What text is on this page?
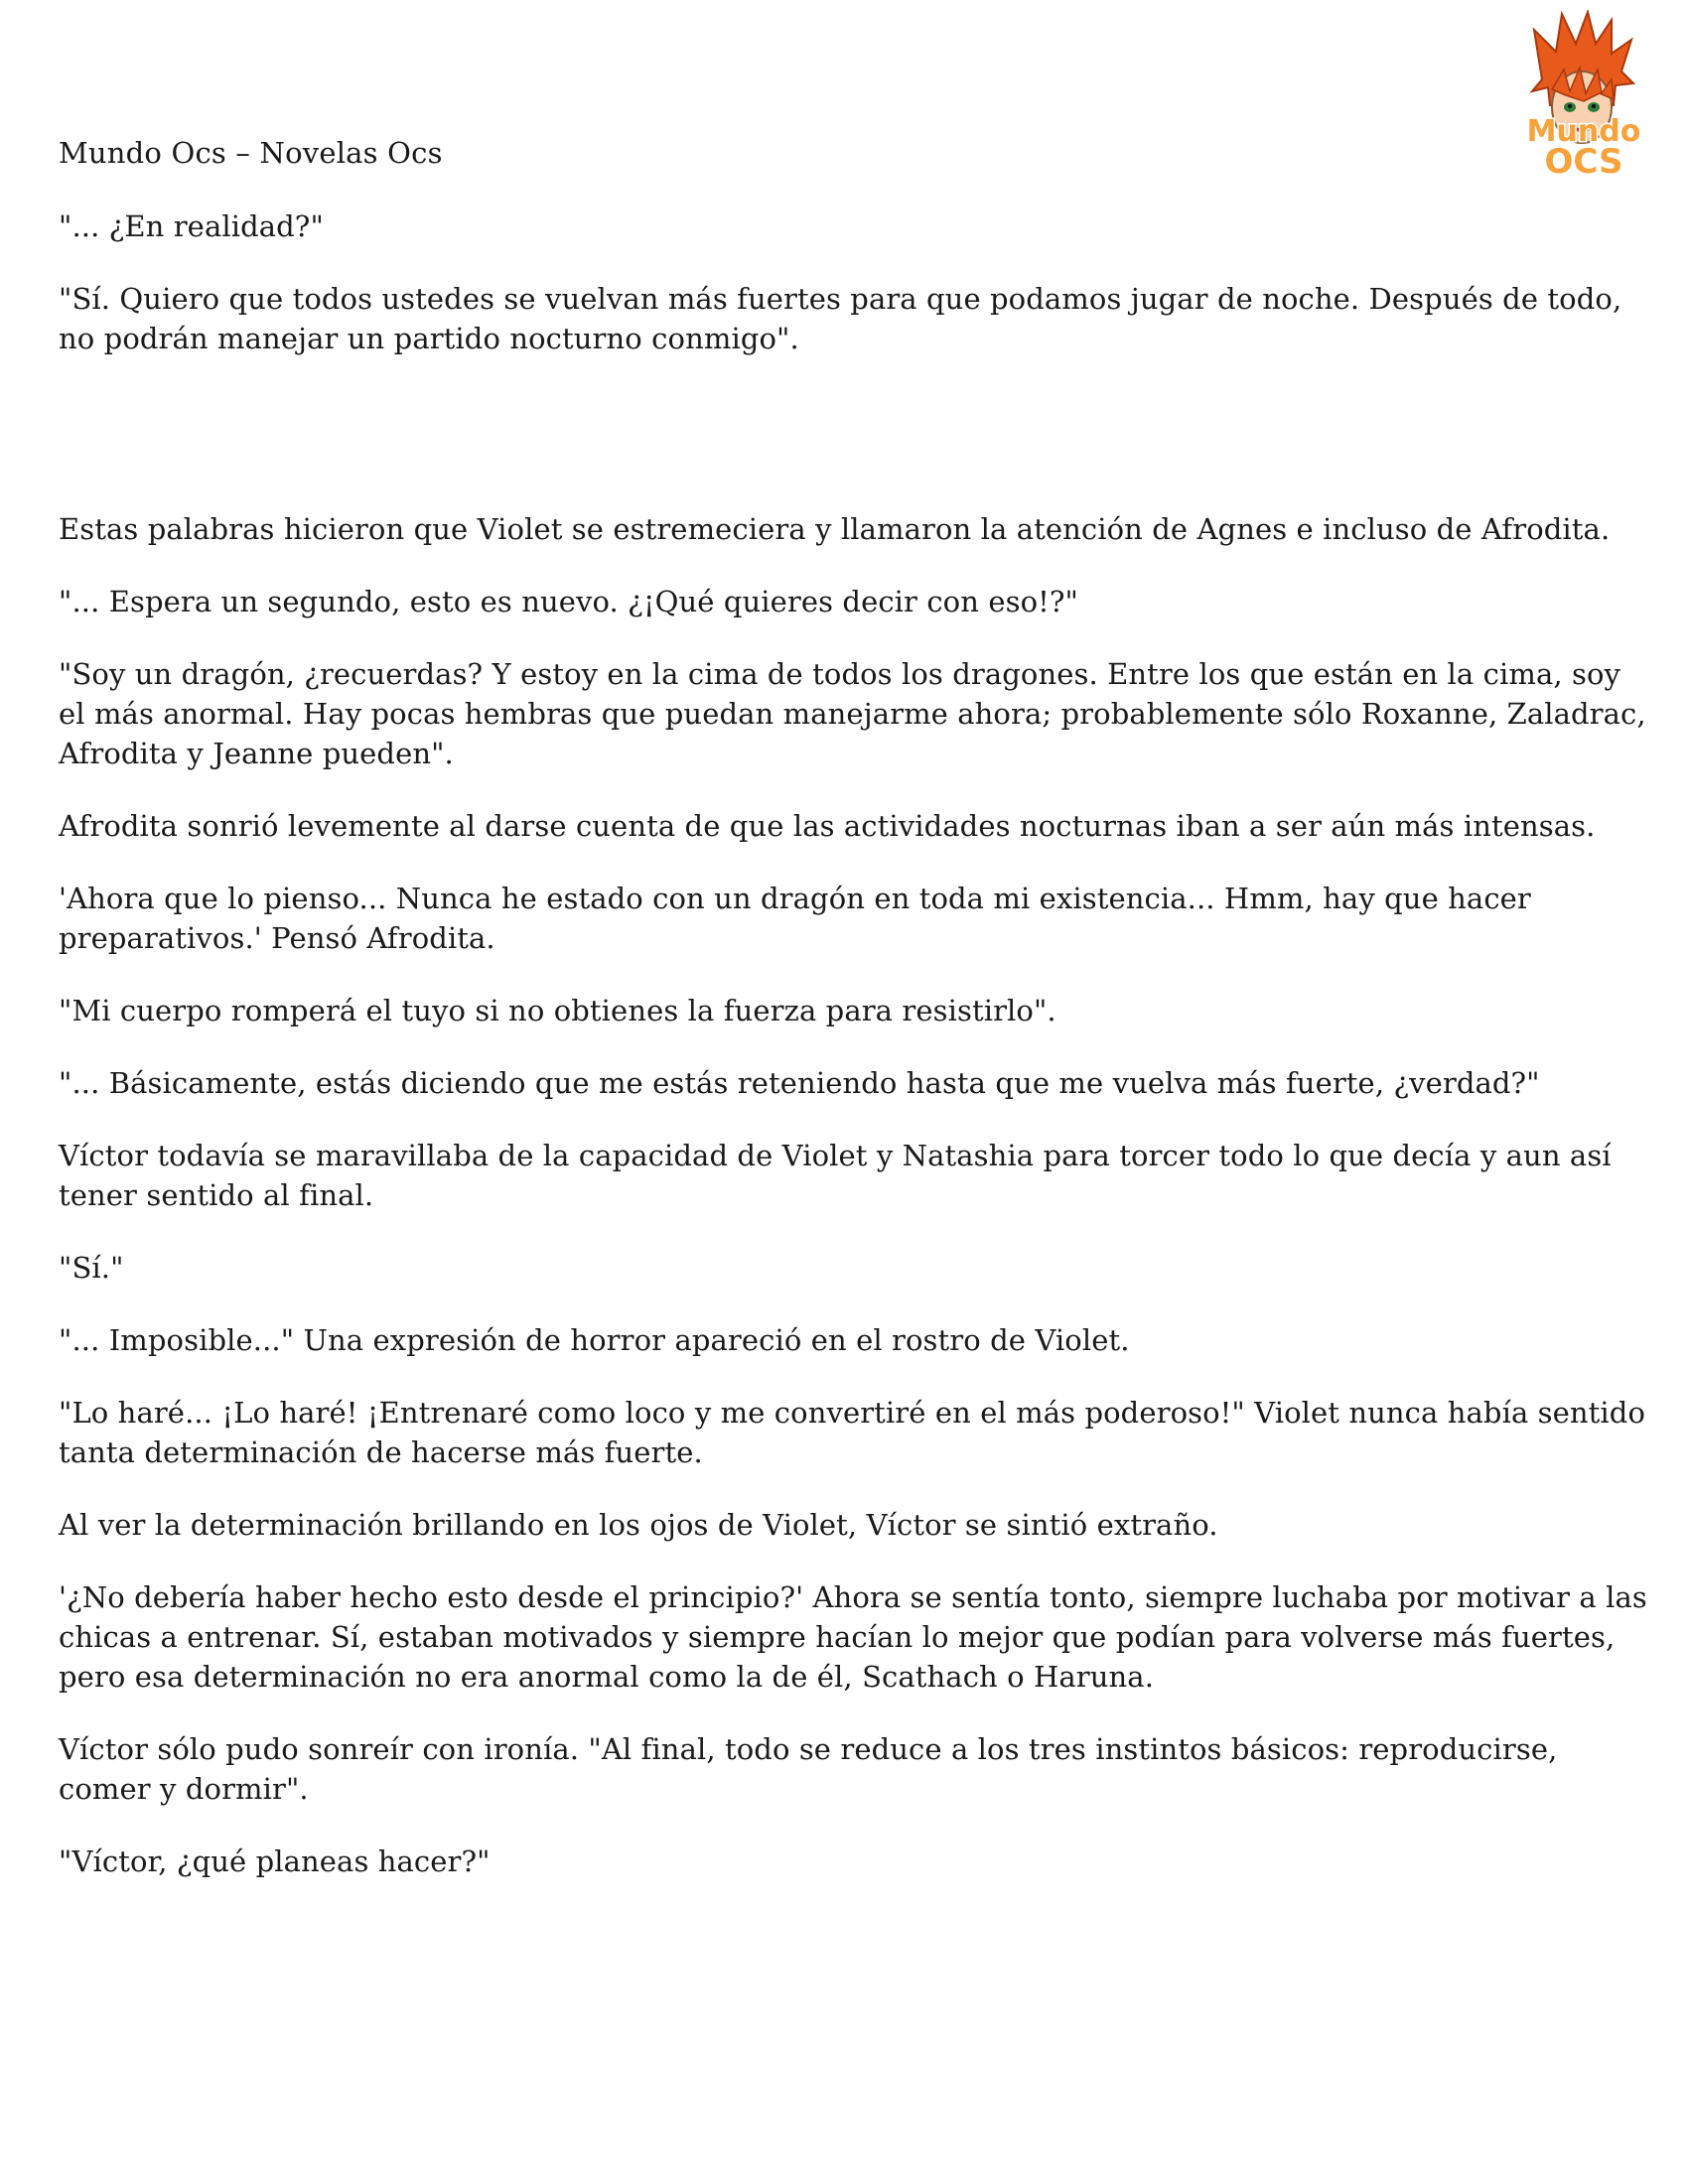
Mundo
OCS
Mundo Ocs – Novelas Ocs

"... ¿En realidad?"

"Sí. Quiero que todos ustedes se vuelvan más fuertes para que podamos jugar de noche. Después de todo, no podrán manejar un partido nocturno conmigo".

Estas palabras hicieron que Violet se estremeciera y llamaron la atención de Agnes e incluso de Afrodita.

"... Espera un segundo, esto es nuevo. ¿¡Qué quieres decir con eso!?"

"Soy un dragón, ¿recuerdas? Y estoy en la cima de todos los dragones. Entre los que están en la cima, soy el más anormal. Hay pocas hembras que puedan manejarme ahora; probablemente sólo Roxanne, Zaladrac, Afrodita y Jeanne pueden".

Afrodita sonrió levemente al darse cuenta de que las actividades nocturnas iban a ser aún más intensas.

'Ahora que lo pienso... Nunca he estado con un dragón en toda mi existencia... Hmm, hay que hacer preparativos.' Pensó Afrodita.

"Mi cuerpo romperá el tuyo si no obtienes la fuerza para resistirlo".

"... Básicamente, estás diciendo que me estás reteniendo hasta que me vuelva más fuerte, ¿verdad?"

Víctor todavía se maravillaba de la capacidad de Violet y Natashia para torcer todo lo que decía y aun así tener sentido al final.

"Sí."

"... Imposible..." Una expresión de horror apareció en el rostro de Violet.

"Lo haré... ¡Lo haré! ¡Entrenaré como loco y me convertiré en el más poderoso!" Violet nunca había sentido tanta determinación de hacerse más fuerte.

Al ver la determinación brillando en los ojos de Violet, Víctor se sintió extraño.

'¿No debería haber hecho esto desde el principio?' Ahora se sentía tonto, siempre luchaba por motivar a las chicas a entrenar. Sí, estaban motivados y siempre hacían lo mejor que podían para volverse más fuertes, pero esa determinación no era anormal como la de él, Scathach o Haruna.

Víctor sólo pudo sonreír con ironía. "Al final, todo se reduce a los tres instintos básicos: reproducirse, comer y dormir".

"Víctor, ¿qué planeas hacer?"
